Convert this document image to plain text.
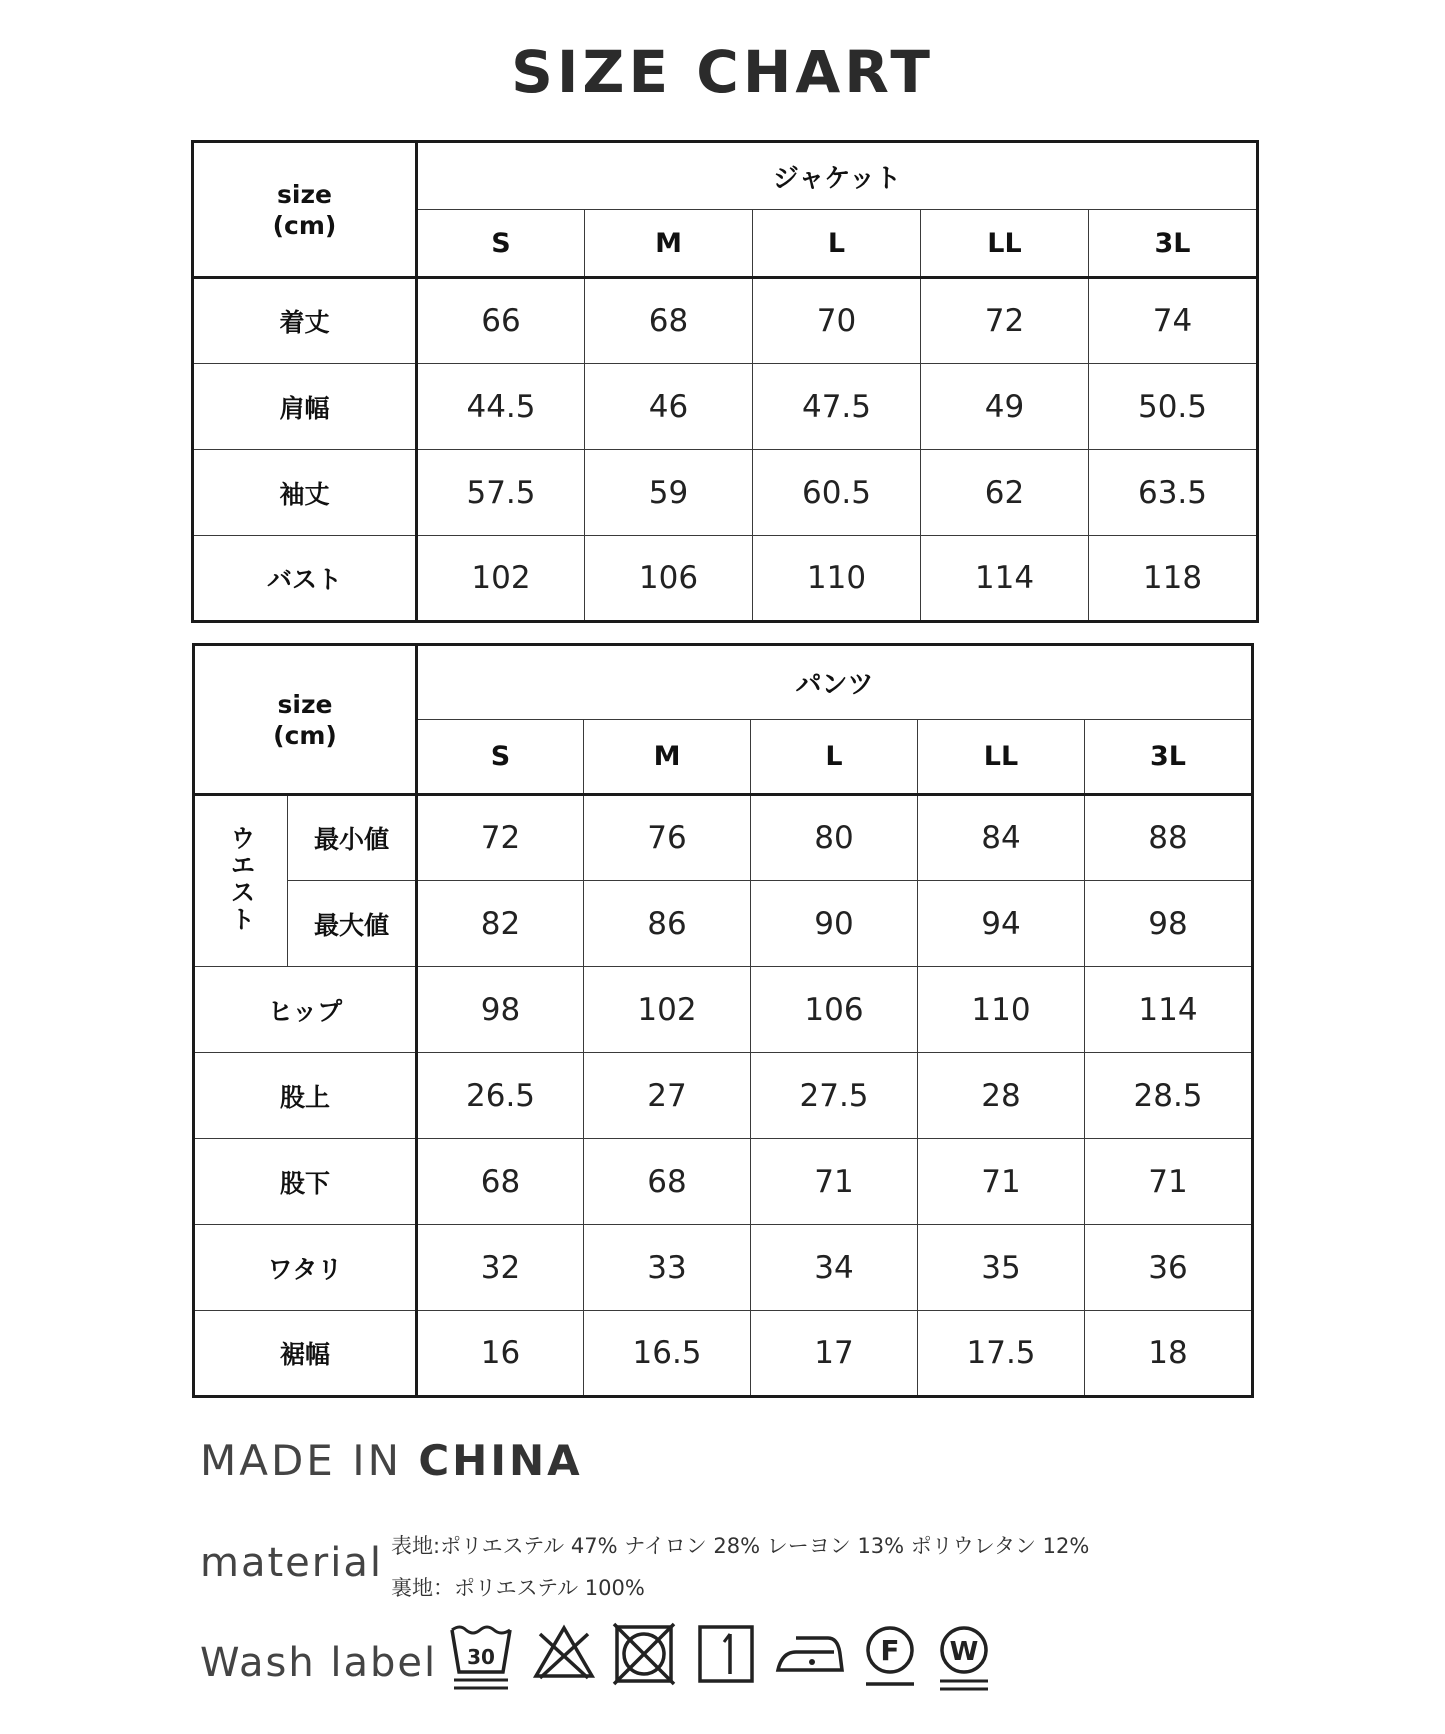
SIZE CHART
size
(cm)	ジャケット				
	S	M	L	LL	3L
着丈	66	68	70	72	74
肩幅	44.5	46	47.5	49	50.5
袖丈	57.5	59	60.5	62	63.5
バスト	102	106	110	114	118
size
(cm)		パンツ				
		S	M	L	LL	3L
ウエスト	最小値	72	76	80	84	88
	最大値	82	86	90	94	98
ヒップ		98	102	106	110	114
股上		26.5	27	27.5	28	28.5
股下		68	68	71	71	71
ワタリ		32	33	34	35	36
裾幅		16	16.5	17	17.5	18
MADE IN CHINA
material 表地:ポリエステル 47% ナイロン 28% レーヨン 13% ポリウレタン 12%
裏地：ポリエステル 100%
Wash label 30	F W
